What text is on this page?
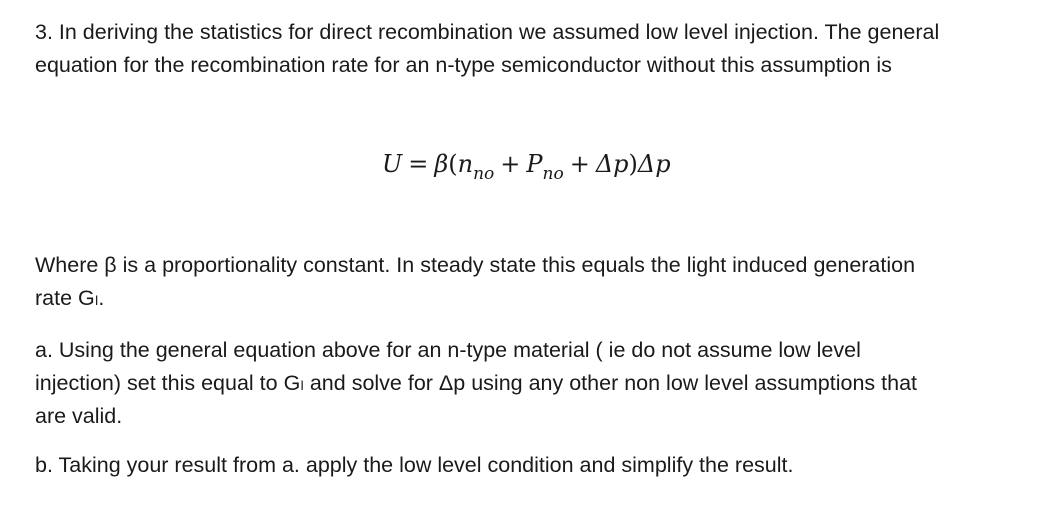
3. In deriving the statistics for direct recombination we assumed low level injection. The general
equation for the recombination rate for an n-type semiconductor without this assumption is

$U = \beta(n_{no} + P_{no} + \Delta p)\Delta p$

Where β is a proportionality constant. In steady state this equals the light induced generation
rate Gₗ.

a. Using the general equation above for an n-type material ( ie do not assume low level
injection) set this equal to Gₗ and solve for Δp using any other non low level assumptions that
are valid.

b. Taking your result from a. apply the low level condition and simplify the result.
